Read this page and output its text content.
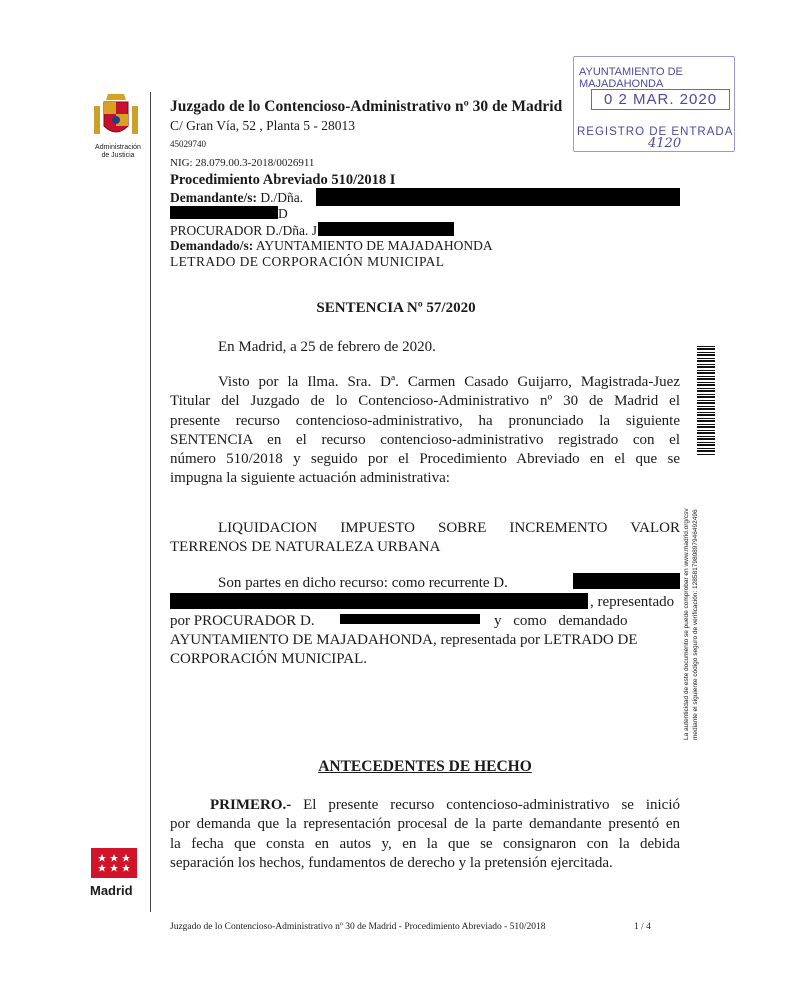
Administración
de Justicia
Juzgado de lo Contencioso-Administrativo nº 30 de Madrid
C/ Gran Vía, 52 , Planta 5 - 28013
45029740
NIG: 28.079.00.3-2018/0026911
Procedimiento Abreviado 510/2018 I
Demandante/s: D./Dña.
D
PROCURADOR D./Dña. J
Demandado/s: AYUNTAMIENTO DE MAJADAHONDA
LETRADO DE CORPORACIÓN MUNICIPAL
AYUNTAMIENTO DE MAJADAHONDA
0 2 MAR. 2020
REGISTRO DE ENTRADA
4120
SENTENCIA Nº 57/2020
En Madrid, a 25 de febrero de 2020.
Visto por la Ilma. Sra. Dª. Carmen Casado Guijarro, Magistrada-Juez
Titular del Juzgado de lo Contencioso-Administrativo nº 30 de Madrid el
presente recurso contencioso-administrativo, ha pronunciado la siguiente
SENTENCIA en el recurso contencioso-administrativo registrado con el
número 510/2018 y seguido por el Procedimiento Abreviado en el que se
impugna la siguiente actuación administrativa:
LIQUIDACION IMPUESTO SOBRE INCREMENTO VALOR
TERRENOS DE NATURALEZA URBANA
Son partes en dicho recurso: como recurrente D.
, representado
por PROCURADOR D.	y como demandado
AYUNTAMIENTO DE MAJADAHONDA, representada por LETRADO DE
CORPORACIÓN MUNICIPAL.
ANTECEDENTES DE HECHO
PRIMERO.- El presente recurso contencioso-administrativo se inició
por demanda que la representación procesal de la parte demandante presentó en
la fecha que consta en autos y, en la que se consignaron con la debida
separación los hechos, fundamentos de derecho y la pretensión ejercitada.
Madrid
La autenticidad de este documento se puede comprobar en www.madrid.org/csv mediante el siguiente código seguro de verificación: 1285817980897946492496
Juzgado de lo Contencioso-Administrativo nº 30 de Madrid - Procedimiento Abreviado - 510/2018	1 / 4
